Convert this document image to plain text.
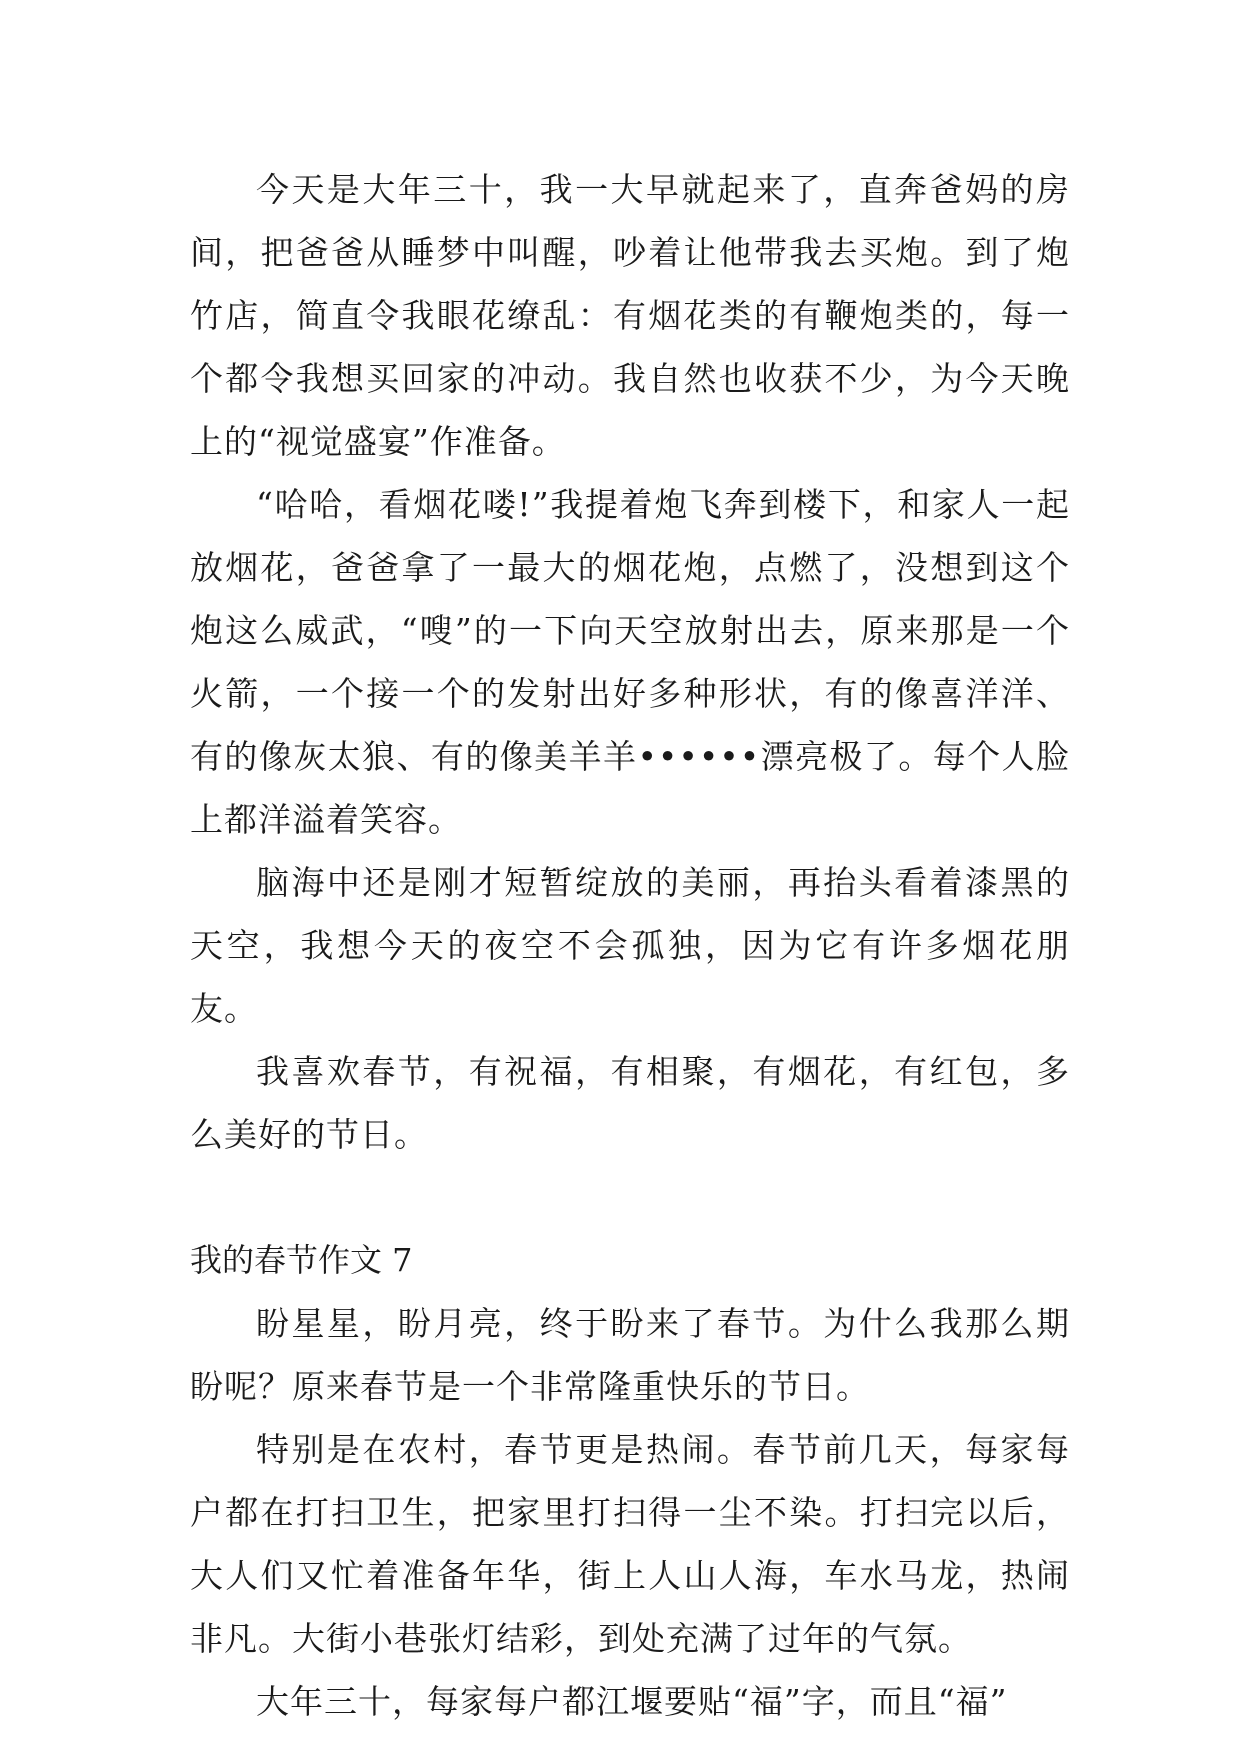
今天是大年三十，我一大早就起来了，直奔爸妈的房间，把爸爸从睡梦中叫醒，吵着让他带我去买炮。到了炮竹店，简直令我眼花缭乱：有烟花类的有鞭炮类的，每一个都令我想买回家的冲动。我自然也收获不少，为今天晚上的“视觉盛宴”作准备。

“哈哈，看烟花喽!”我提着炮飞奔到楼下，和家人一起放烟花，爸爸拿了一最大的烟花炮，点燃了，没想到这个炮这么威武，“嗖”的一下向天空放射出去，原来那是一个火箭，一个接一个的发射出好多种形状，有的像喜洋洋、有的像灰太狼、有的像美羊羊••••••漂亮极了。每个人脸上都洋溢着笑容。

脑海中还是刚才短暂绽放的美丽，再抬头看着漆黑的天空，我想今天的夜空不会孤独，因为它有许多烟花朋友。

我喜欢春节，有祝福，有相聚，有烟花，有红包，多么美好的节日。

我的春节作文 7

盼星星，盼月亮，终于盼来了春节。为什么我那么期盼呢？原来春节是一个非常隆重快乐的节日。

特别是在农村，春节更是热闹。春节前几天，每家每户都在打扫卫生，把家里打扫得一尘不染。打扫完以后，大人们又忙着准备年华，街上人山人海，车水马龙，热闹非凡。大街小巷张灯结彩，到处充满了过年的气氛。

大年三十，每家每户都江堰要贴“福”字，而且“福”
